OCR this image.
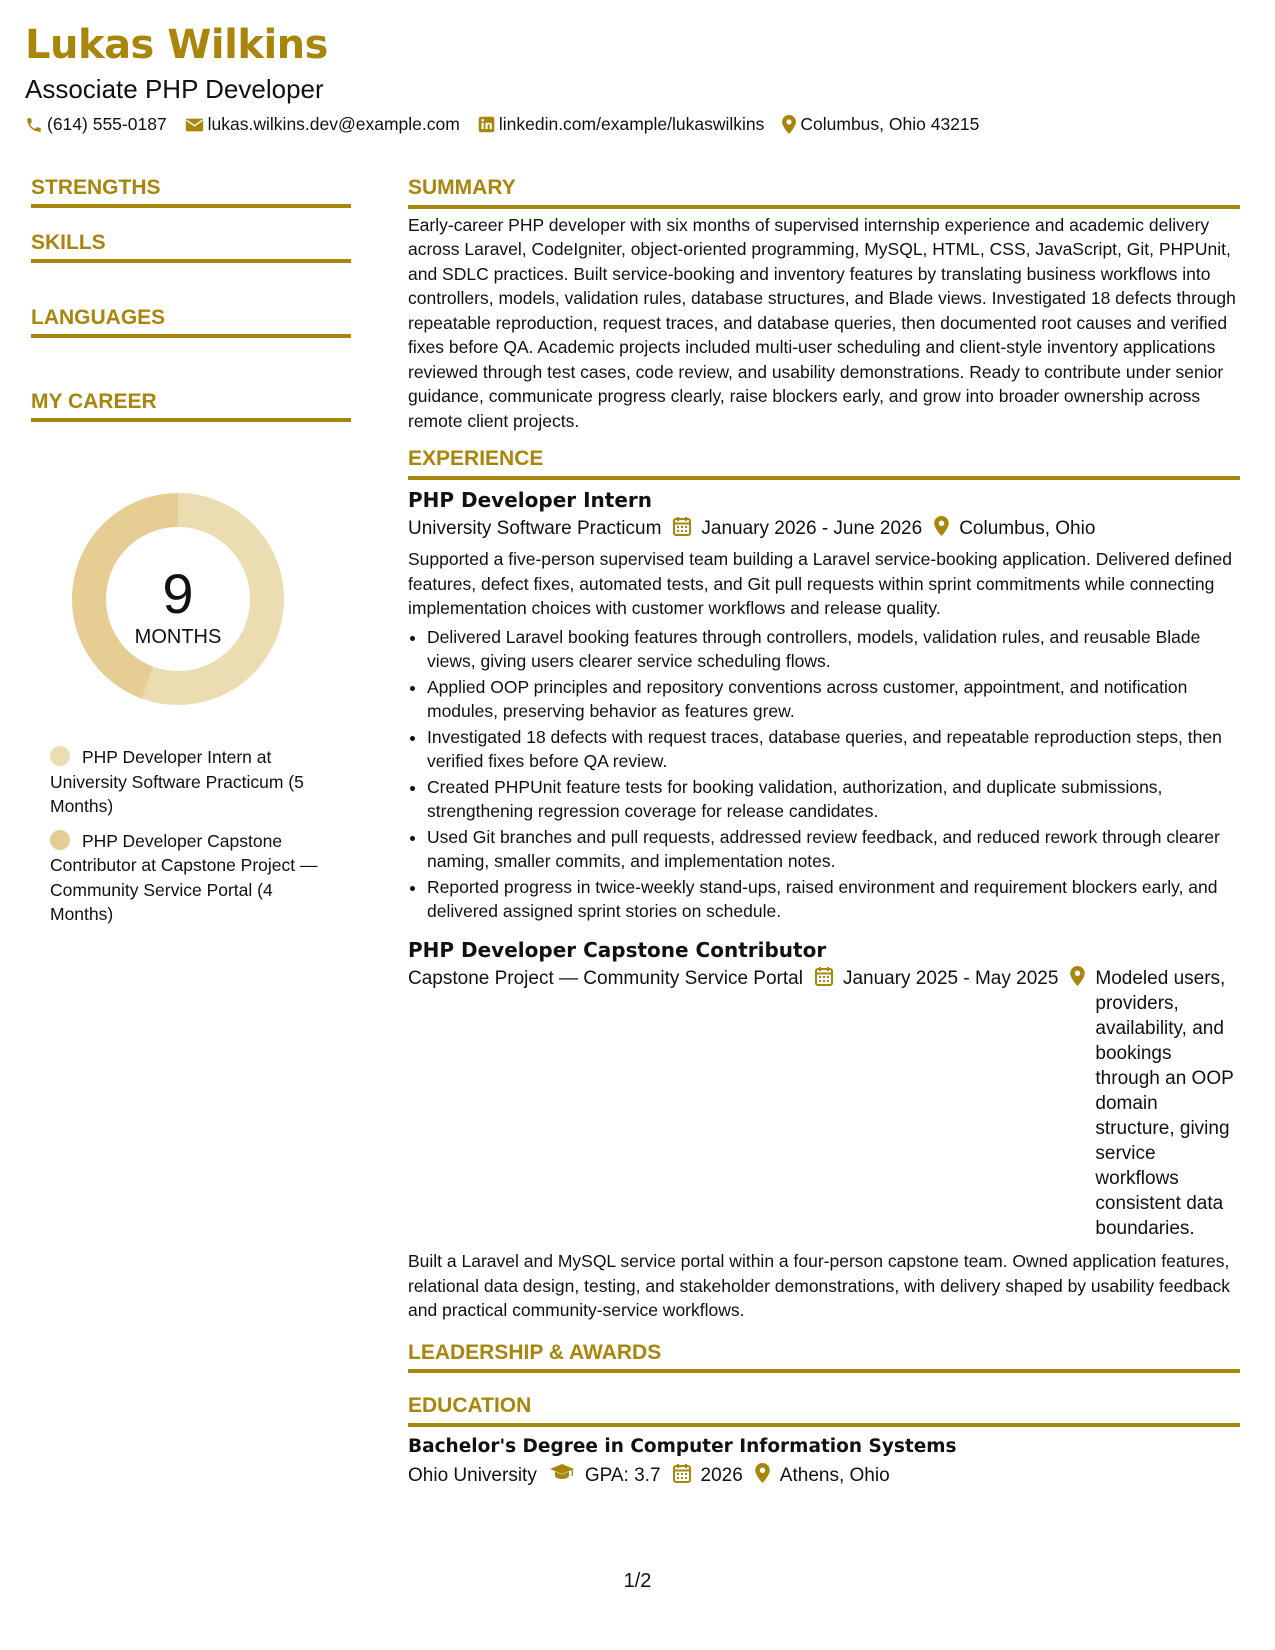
Lukas Wilkins
Associate PHP Developer
(614) 555-0187 lukas.wilkins.dev@example.com linkedin.com/example/lukaswilkins Columbus, Ohio 43215
STRENGTHS
SKILLS
LANGUAGES
MY CAREER
9
MONTHS
PHP Developer Intern at University Software Practicum (5 Months)
PHP Developer Capstone Contributor at Capstone Project — Community Service Portal (4 Months)
SUMMARY

Early-career PHP developer with six months of supervised internship experience and academic delivery across Laravel, CodeIgniter, object-oriented programming, MySQL, HTML, CSS, JavaScript, Git, PHPUnit, and SDLC practices. Built service-booking and inventory features by translating business workflows into controllers, models, validation rules, database structures, and Blade views. Investigated 18 defects through repeatable reproduction, request traces, and database queries, then documented root causes and verified fixes before QA. Academic projects included multi-user scheduling and client-style inventory applications reviewed through test cases, code review, and usability demonstrations. Ready to contribute under senior guidance, communicate progress clearly, raise blockers early, and grow into broader ownership across remote client projects.

EXPERIENCE
PHP Developer Intern
University Software Practicum January 2026 - June 2026 Columbus, Ohio

Supported a five-person supervised team building a Laravel service-booking application. Delivered defined features, defect fixes, automated tests, and Git pull requests within sprint commitments while connecting implementation choices with customer workflows and release quality.

• Delivered Laravel booking features through controllers, models, validation rules, and reusable Blade views, giving users clearer service scheduling flows.
• Applied OOP principles and repository conventions across customer, appointment, and notification modules, preserving behavior as features grew.
• Investigated 18 defects with request traces, database queries, and repeatable reproduction steps, then verified fixes before QA review.
• Created PHPUnit feature tests for booking validation, authorization, and duplicate submissions, strengthening regression coverage for release candidates.
• Used Git branches and pull requests, addressed review feedback, and reduced rework through clearer naming, smaller commits, and implementation notes.
• Reported progress in twice-weekly stand-ups, raised environment and requirement blockers early, and delivered assigned sprint stories on schedule.
PHP Developer Capstone Contributor
Capstone Project — Community Service Portal January 2025 - May 2025 Modeled users, providers, availability, and bookings through an OOP domain structure, giving service workflows consistent data boundaries.

Built a Laravel and MySQL service portal within a four-person capstone team. Owned application features, relational data design, testing, and stakeholder demonstrations, with delivery shaped by usability feedback and practical community-service workflows.

LEADERSHIP & AWARDS
EDUCATION
Bachelor's Degree in Computer Information Systems
Ohio University	GPA: 3.7 2026 Athens, Ohio
1/2
